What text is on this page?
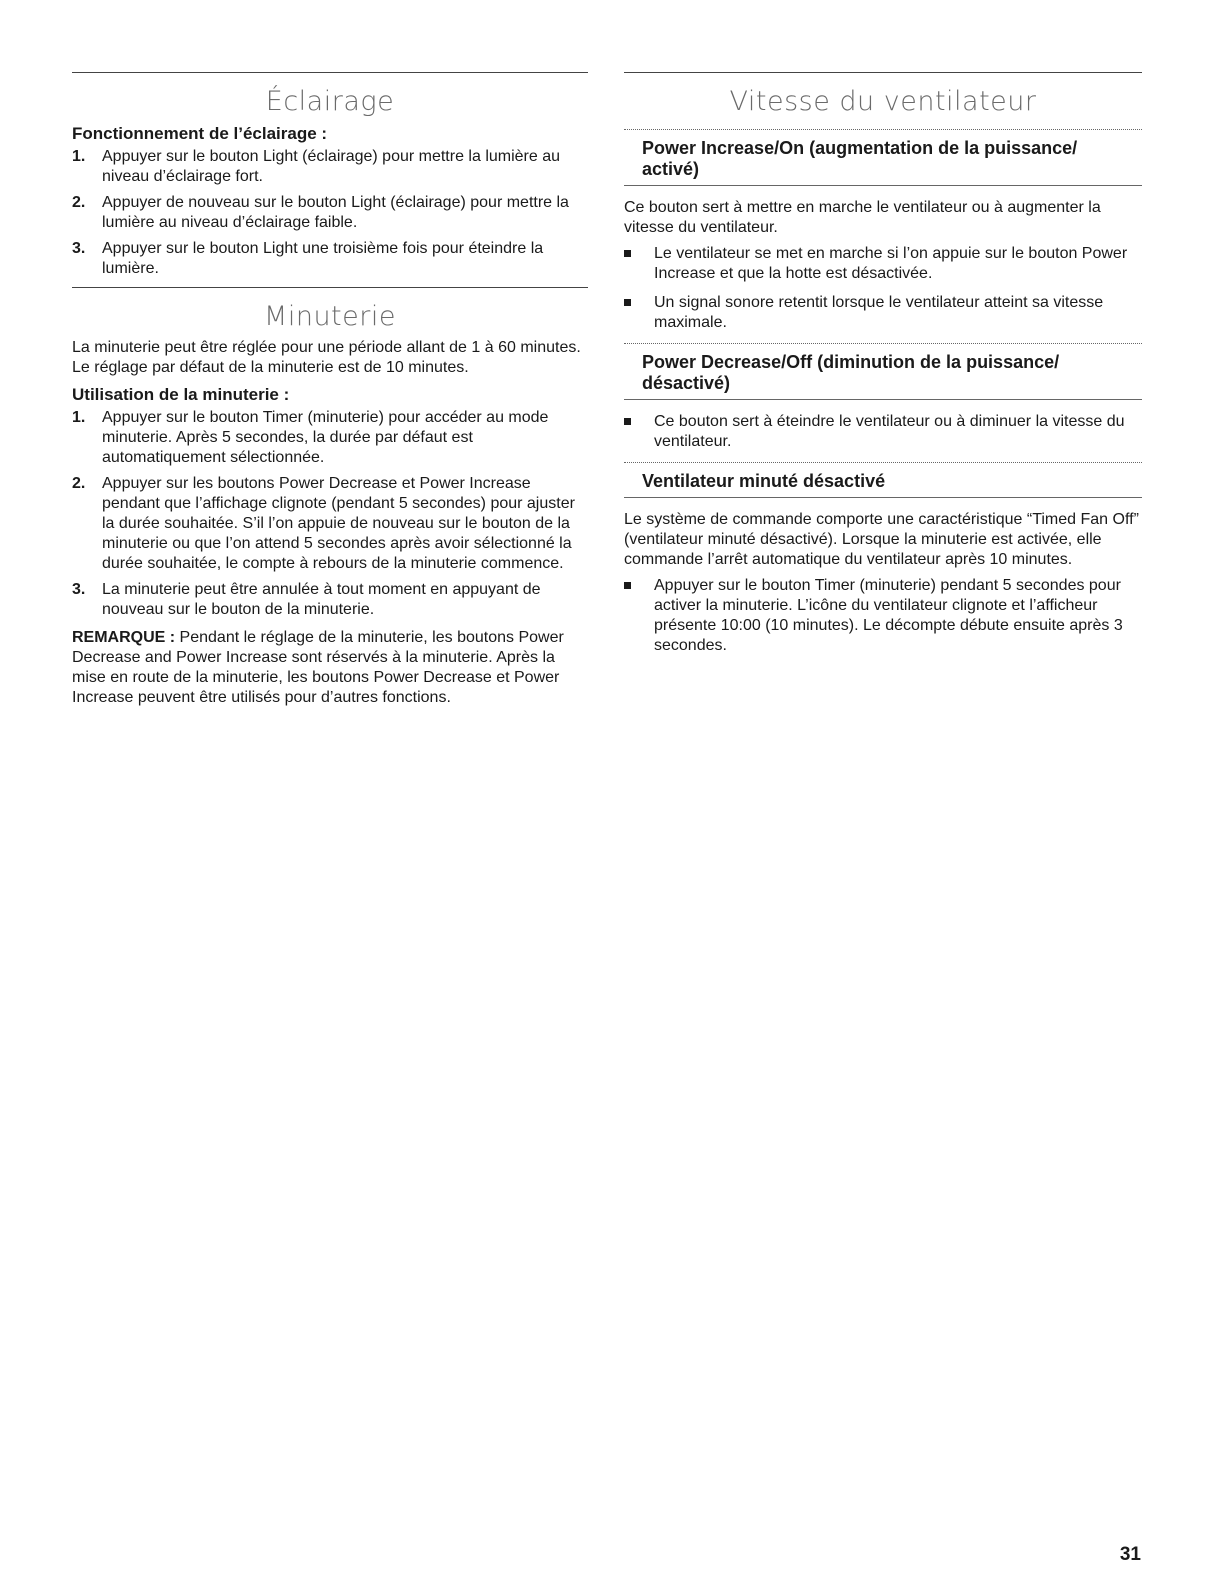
Éclairage
Fonctionnement de l’éclairage :
1. Appuyer sur le bouton Light (éclairage) pour mettre la lumière au niveau d’éclairage fort.
2. Appuyer de nouveau sur le bouton Light (éclairage) pour mettre la lumière au niveau d’éclairage faible.
3. Appuyer sur le bouton Light une troisième fois pour éteindre la lumière.
Minuterie

La minuterie peut être réglée pour une période allant de 1 à 60 minutes. Le réglage par défaut de la minuterie est de 10 minutes.

Utilisation de la minuterie :
1. Appuyer sur le bouton Timer (minuterie) pour accéder au mode minuterie. Après 5 secondes, la durée par défaut est automatiquement sélectionnée.
2. Appuyer sur les boutons Power Decrease et Power Increase pendant que l’affichage clignote (pendant 5 secondes) pour ajuster la durée souhaitée. S’il l’on appuie de nouveau sur le bouton de la minuterie ou que l’on attend 5 secondes après avoir sélectionné la durée souhaitée, le compte à rebours de la minuterie commence.
3. La minuterie peut être annulée à tout moment en appuyant de nouveau sur le bouton de la minuterie.

REMARQUE : Pendant le réglage de la minuterie, les boutons Power Decrease and Power Increase sont réservés à la minuterie. Après la mise en route de la minuterie, les boutons Power Decrease et Power Increase peuvent être utilisés pour d’autres fonctions.

Vitesse du ventilateur
Power Increase/On (augmentation de la puissance/ activé)

Ce bouton sert à mettre en marche le ventilateur ou à augmenter la vitesse du ventilateur.

Le ventilateur se met en marche si l’on appuie sur le bouton Power Increase et que la hotte est désactivée.
Un signal sonore retentit lorsque le ventilateur atteint sa vitesse maximale.
Power Decrease/Off (diminution de la puissance/ désactivé)
Ce bouton sert à éteindre le ventilateur ou à diminuer la vitesse du ventilateur.
Ventilateur minuté désactivé

Le système de commande comporte une caractéristique “Timed Fan Off” (ventilateur minuté désactivé). Lorsque la minuterie est activée, elle commande l’arrêt automatique du ventilateur après 10 minutes.

Appuyer sur le bouton Timer (minuterie) pendant 5 secondes pour activer la minuterie. L’icône du ventilateur clignote et l’afficheur présente 10:00 (10 minutes). Le décompte débute ensuite après 3 secondes.
31
